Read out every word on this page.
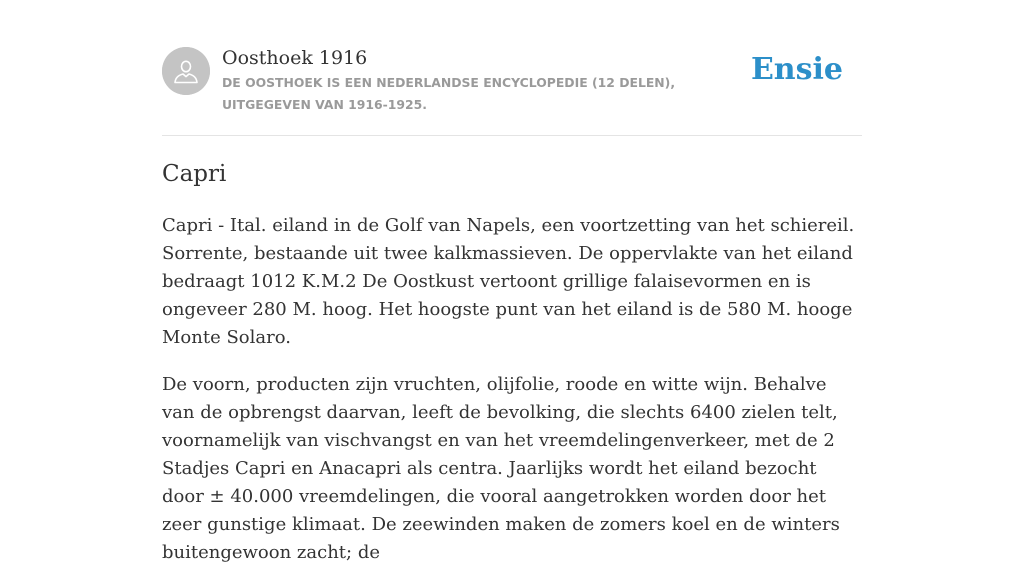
Oosthoek 1916
DE OOSTHOEK IS EEN NEDERLANDSE ENCYCLOPEDIE (12 DELEN), UITGEGEVEN VAN 1916-1925.
Ensie
Capri

Capri - Ital. eiland in de Golf van Napels, een voortzetting van het schiereil. Sorrente, bestaande uit twee kalkmassieven. De oppervlakte van het eiland bedraagt 1012 K.M.2 De Oostkust vertoont grillige falaisevormen en is ongeveer 280 M. hoog. Het hoogste punt van het eiland is de 580 M. hooge Monte Solaro.

De voorn, producten zijn vruchten, olijfolie, roode en witte wijn. Behalve van de opbrengst daarvan, leeft de bevolking, die slechts 6400 zielen telt, voornamelijk van vischvangst en van het vreemdelingenverkeer, met de 2 Stadjes Capri en Anacapri als centra. Jaarlijks wordt het eiland bezocht door ± 40.000 vreemdelingen, die vooral aangetrokken worden door het zeer gunstige klimaat. De zeewinden maken de zomers koel en de winters buitengewoon zacht; de
